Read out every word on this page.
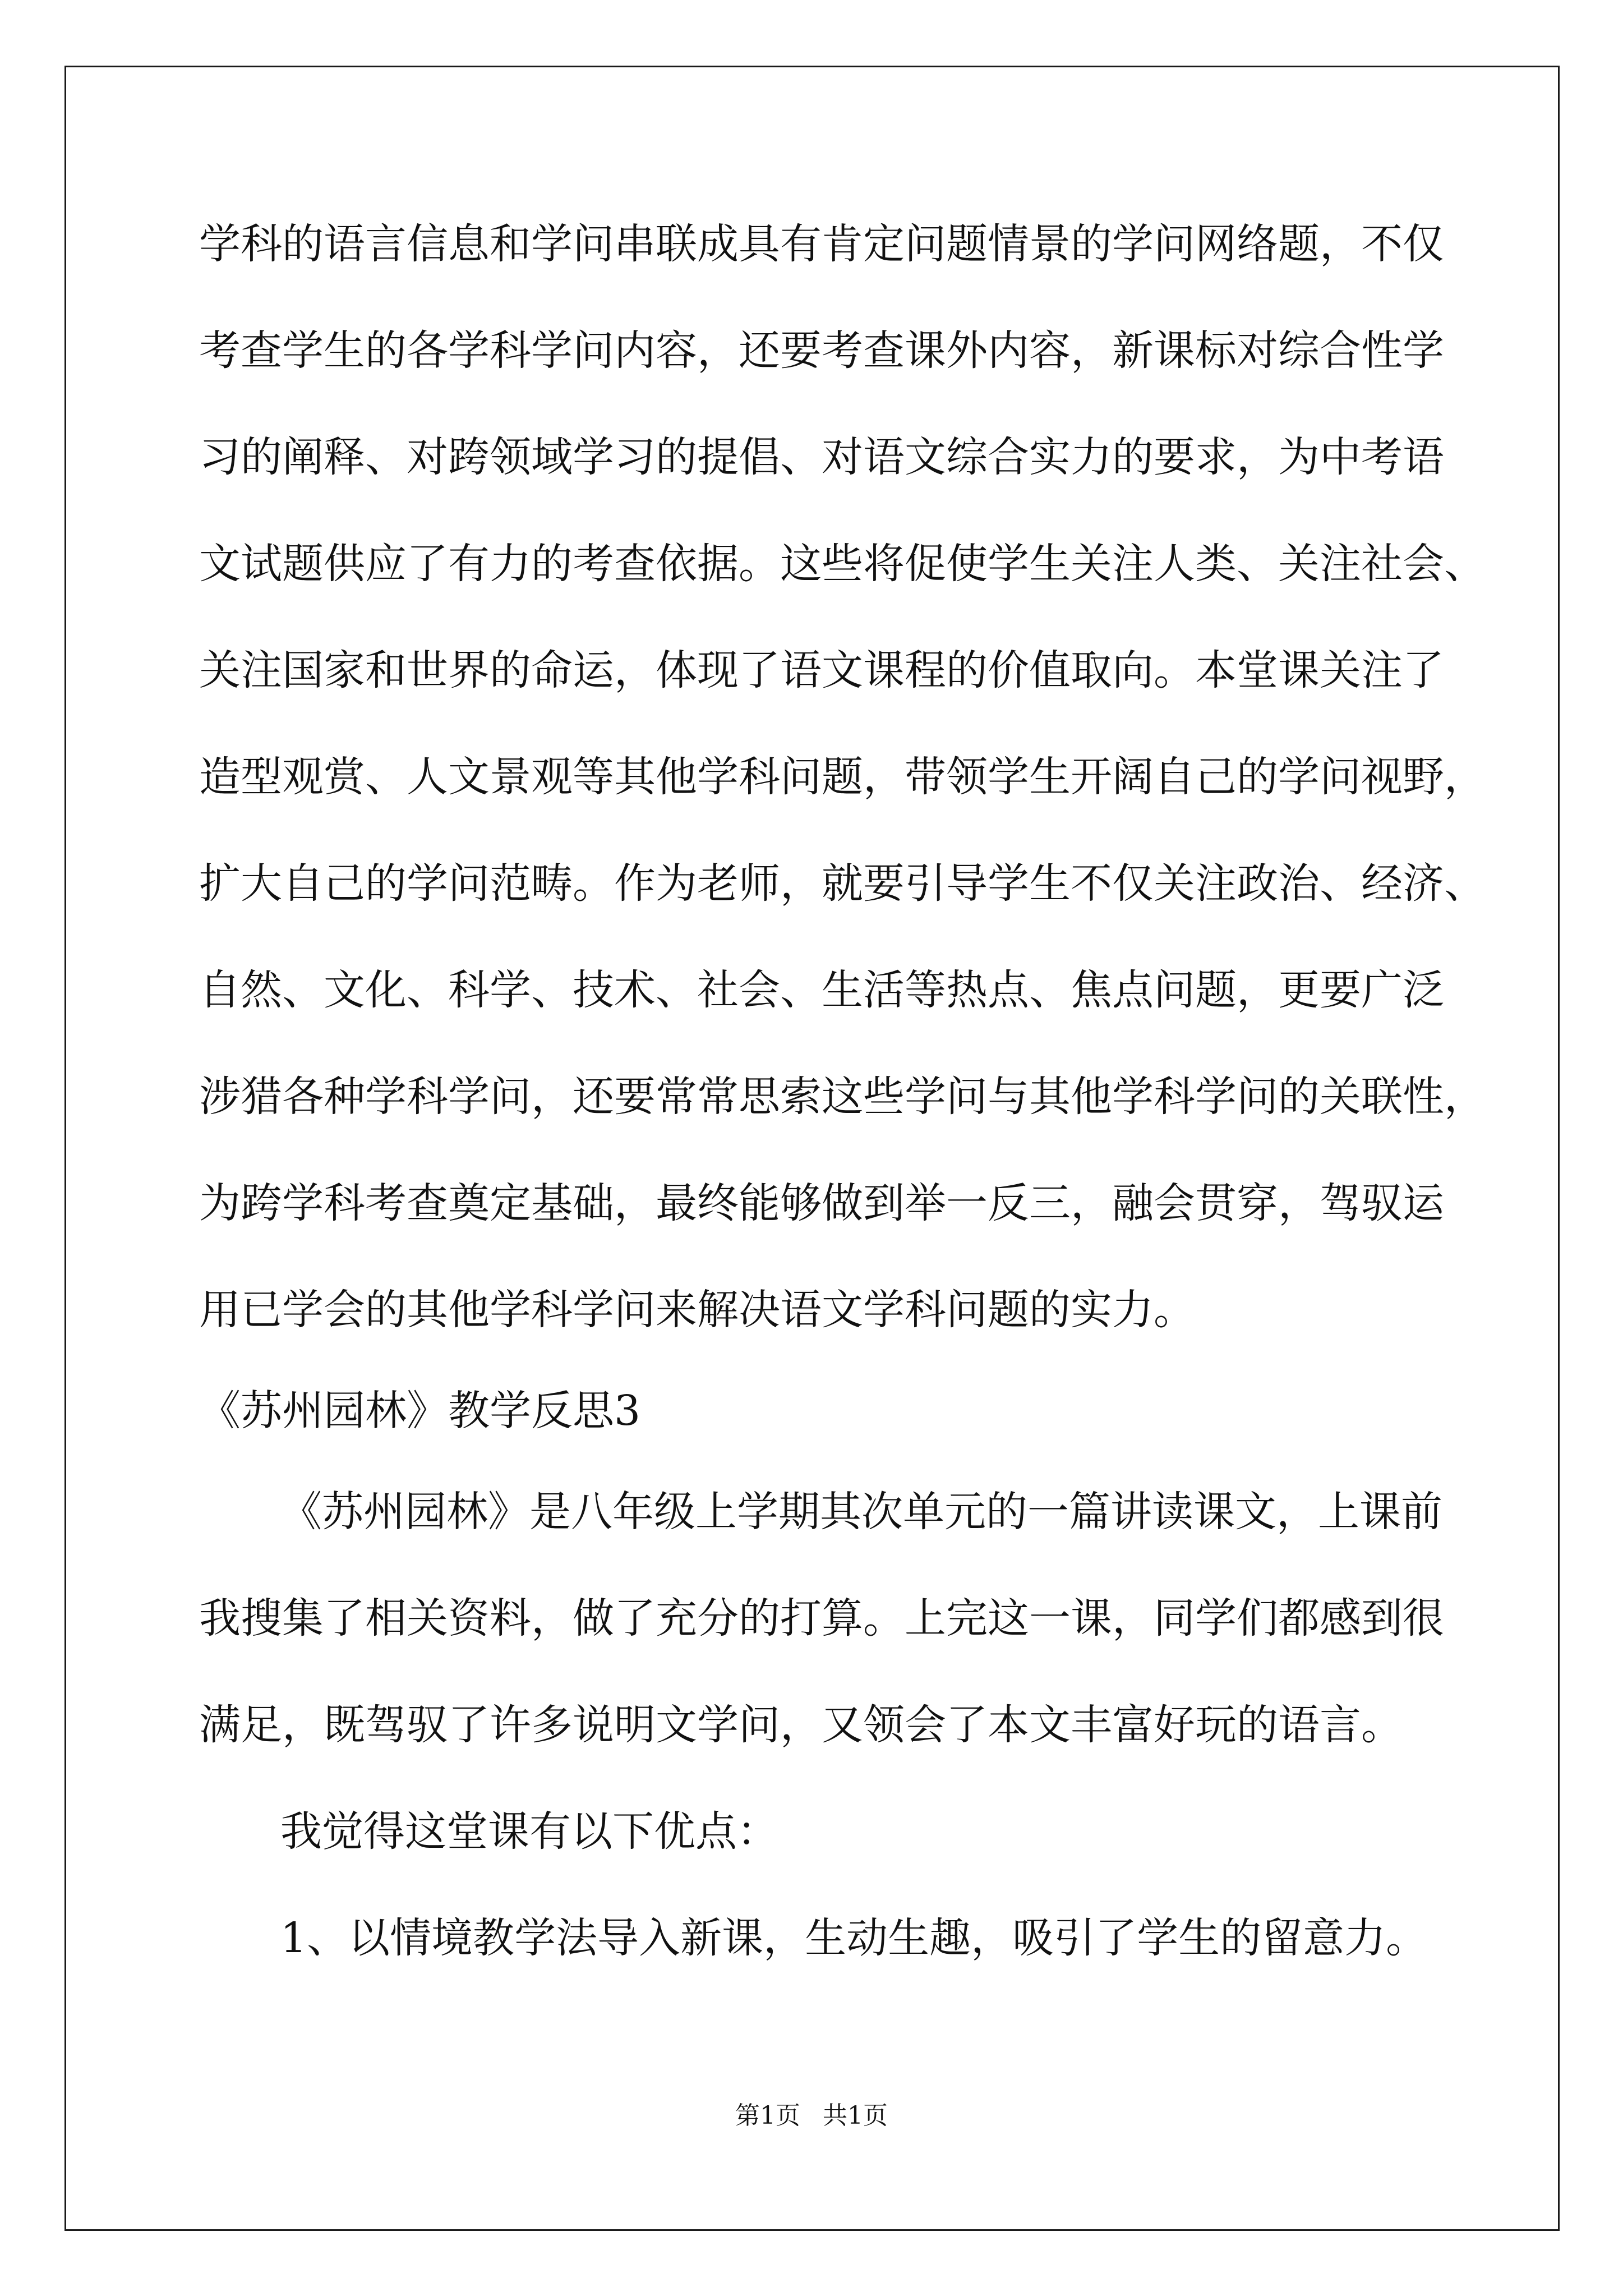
学科的语言信息和学问串联成具有肯定问题情景的学问网络题，不仅

考查学生的各学科学问内容，还要考查课外内容，新课标对综合性学

习的阐释、对跨领域学习的提倡、对语文综合实力的要求，为中考语

文试题供应了有力的考查依据。这些将促使学生关注人类、关注社会、

关注国家和世界的命运，体现了语文课程的价值取向。本堂课关注了

造型观赏、人文景观等其他学科问题，带领学生开阔自己的学问视野，

扩大自己的学问范畴。作为老师，就要引导学生不仅关注政治、经济、

自然、文化、科学、技术、社会、生活等热点、焦点问题，更要广泛

涉猎各种学科学问，还要常常思索这些学问与其他学科学问的关联性，

为跨学科考查奠定基础，最终能够做到举一反三，融会贯穿，驾驭运

用已学会的其他学科学问来解决语文学科问题的实力。

《苏州园林》教学反思3

《苏州园林》是八年级上学期其次单元的一篇讲读课文，上课前

我搜集了相关资料，做了充分的打算。上完这一课，同学们都感到很

满足，既驾驭了许多说明文学问，又领会了本文丰富好玩的语言。

我觉得这堂课有以下优点：

1、以情境教学法导入新课，生动生趣，吸引了学生的留意力。

第1页 共1页
